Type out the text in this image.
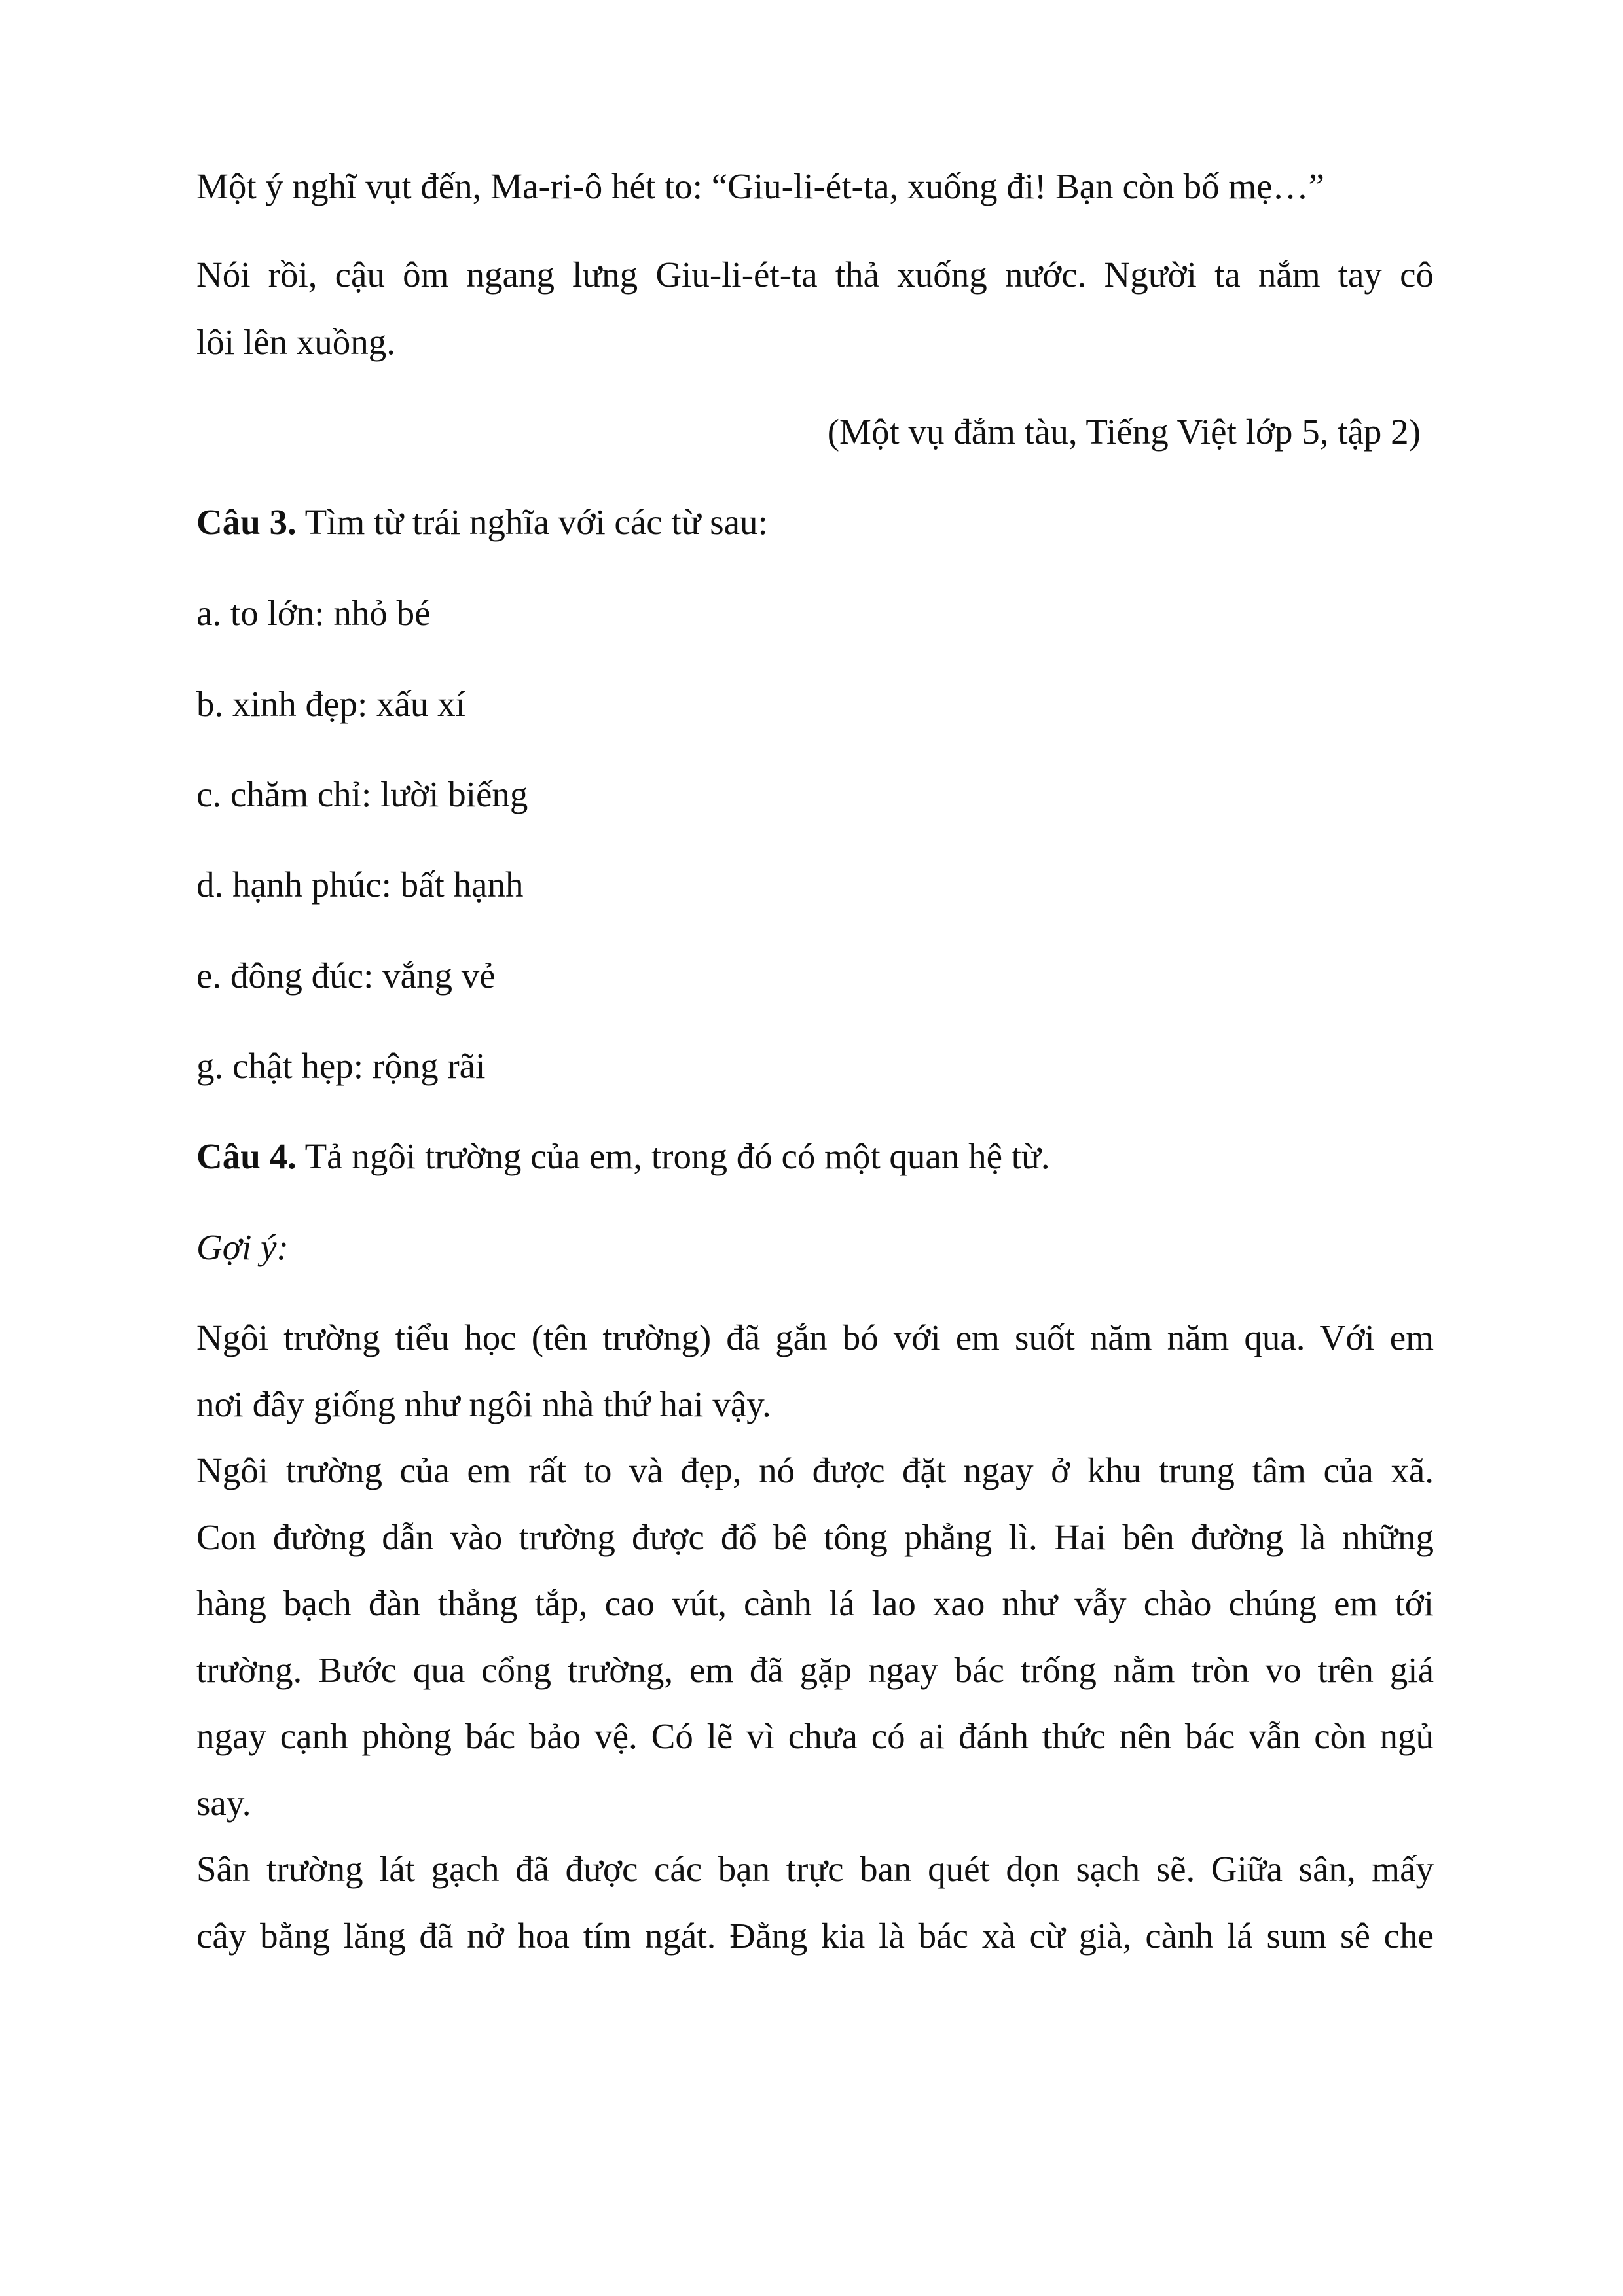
Một ý nghĩ vụt đến, Ma-ri-ô hét to: “Giu-li-ét-ta, xuống đi! Bạn còn bố mẹ…”
Nói rồi, cậu ôm ngang lưng Giu-li-ét-ta thả xuống nước. Người ta nắm tay cô
lôi lên xuồng.
(Một vụ đắm tàu, Tiếng Việt lớp 5, tập 2)
Câu 3. Tìm từ trái nghĩa với các từ sau:
a. to lớn: nhỏ bé
b. xinh đẹp: xấu xí
c. chăm chỉ: lười biếng
d. hạnh phúc: bất hạnh
e. đông đúc: vắng vẻ
g. chật hẹp: rộng rãi
Câu 4. Tả ngôi trường của em, trong đó có một quan hệ từ.
Gợi ý:
Ngôi trường tiểu học (tên trường) đã gắn bó với em suốt năm năm qua. Với em
nơi đây giống như ngôi nhà thứ hai vậy.
Ngôi trường của em rất to và đẹp, nó được đặt ngay ở khu trung tâm của xã.
Con đường dẫn vào trường được đổ bê tông phẳng lì. Hai bên đường là những
hàng bạch đàn thẳng tắp, cao vút, cành lá lao xao như vẫy chào chúng em tới
trường. Bước qua cổng trường, em đã gặp ngay bác trống nằm tròn vo trên giá
ngay cạnh phòng bác bảo vệ. Có lẽ vì chưa có ai đánh thức nên bác vẫn còn ngủ
say.
Sân trường lát gạch đã được các bạn trực ban quét dọn sạch sẽ. Giữa sân, mấy
cây bằng lăng đã nở hoa tím ngát. Đằng kia là bác xà cừ già, cành lá sum sê che
